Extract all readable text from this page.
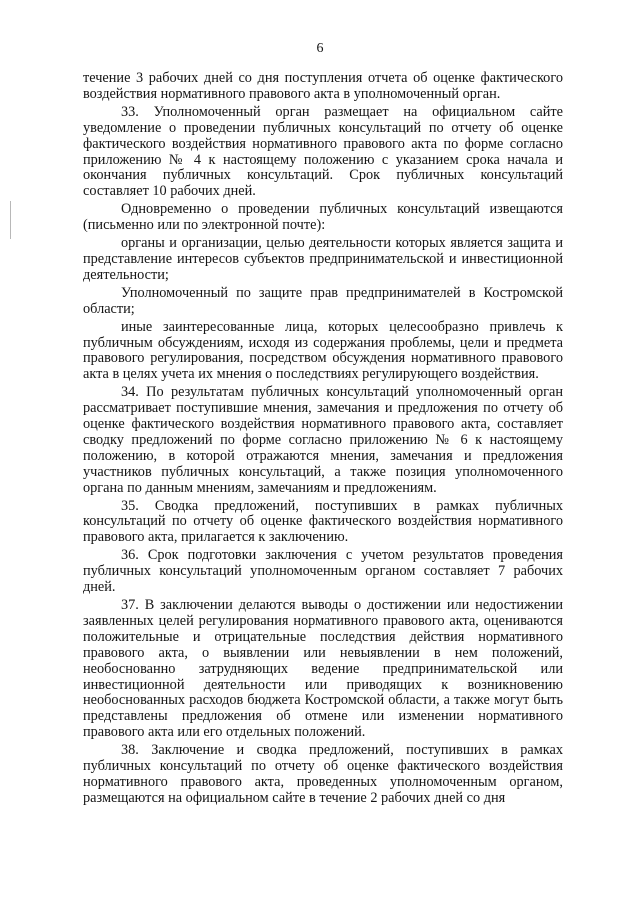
6

течение 3 рабочих дней со дня поступления отчета об оценке фактического воздействия нормативного правового акта в уполномоченный орган.

33. Уполномоченный орган размещает на официальном сайте уведомление о проведении публичных консультаций по отчету об оценке фактического воздействия нормативного правового акта по форме согласно приложению № 4 к настоящему положению с указанием срока начала и окончания публичных консультаций. Срок публичных консультаций составляет 10 рабочих дней.

Одновременно о проведении публичных консультаций извещаются (письменно или по электронной почте):

органы и организации, целью деятельности которых является защита и представление интересов субъектов предпринимательской и инвестиционной деятельности;

Уполномоченный по защите прав предпринимателей в Костромской области;

иные заинтересованные лица, которых целесообразно привлечь к публичным обсуждениям, исходя из содержания проблемы, цели и предмета правового регулирования, посредством обсуждения нормативного правового акта в целях учета их мнения о последствиях регулирующего воздействия.

34. По результатам публичных консультаций уполномоченный орган рассматривает поступившие мнения, замечания и предложения по отчету об оценке фактического воздействия нормативного правового акта, составляет сводку предложений по форме согласно приложению № 6 к настоящему положению, в которой отражаются мнения, замечания и предложения участников публичных консультаций, а также позиция уполномоченного органа по данным мнениям, замечаниям и предложениям.

35. Сводка предложений, поступивших в рамках публичных консультаций по отчету об оценке фактического воздействия нормативного правового акта, прилагается к заключению.

36. Срок подготовки заключения с учетом результатов проведения публичных консультаций уполномоченным органом составляет 7 рабочих дней.

37. В заключении делаются выводы о достижении или недостижении заявленных целей регулирования нормативного правового акта, оцениваются положительные и отрицательные последствия действия нормативного правового акта, о выявлении или невыявлении в нем положений, необоснованно затрудняющих ведение предпринимательской или инвестиционной деятельности или приводящих к возникновению необоснованных расходов бюджета Костромской области, а также могут быть представлены предложения об отмене или изменении нормативного правового акта или его отдельных положений.

38. Заключение и сводка предложений, поступивших в рамках публичных консультаций по отчету об оценке фактического воздействия нормативного правового акта, проведенных уполномоченным органом, размещаются на официальном сайте в течение 2 рабочих дней со дня
